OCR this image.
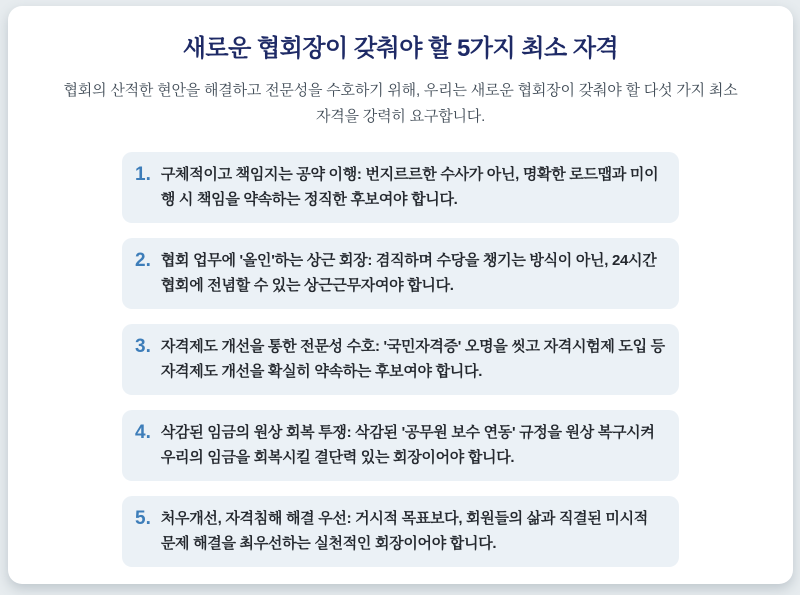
새로운 협회장이 갖춰야 할 5가지 최소 자격

협회의 산적한 현안을 해결하고 전문성을 수호하기 위해, 우리는 새로운 협회장이 갖춰야 할 다섯 가지 최소 자격을 강력히 요구합니다.

1. 구체적이고 책임지는 공약 이행: 번지르르한 수사가 아닌, 명확한 로드맵과 미이행 시 책임을 약속하는 정직한 후보여야 합니다.
2. 협회 업무에 '올인'하는 상근 회장: 겸직하며 수당을 챙기는 방식이 아닌, 24시간 협회에 전념할 수 있는 상근근무자여야 합니다.
3. 자격제도 개선을 통한 전문성 수호: '국민자격증' 오명을 씻고 자격시험제 도입 등 자격제도 개선을 확실히 약속하는 후보여야 합니다.
4. 삭감된 임금의 원상 회복 투쟁: 삭감된 '공무원 보수 연동' 규정을 원상 복구시켜 우리의 임금을 회복시킬 결단력 있는 회장이어야 합니다.
5. 처우개선, 자격침해 해결 우선: 거시적 목표보다, 회원들의 삶과 직결된 미시적 문제 해결을 최우선하는 실천적인 회장이어야 합니다.
